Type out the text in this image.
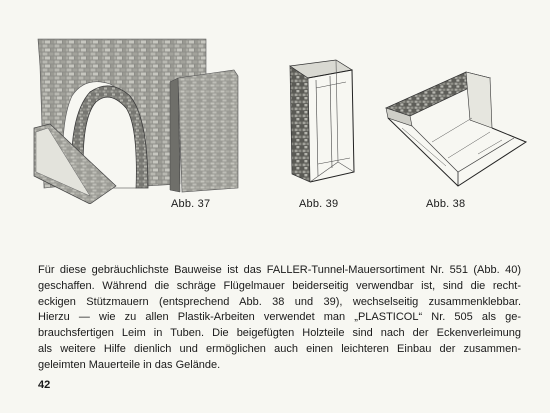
Abb. 37	Abb. 39	Abb. 38
Für diese gebräuchlichste Bauweise ist das FALLER-Tunnel-Mauersortiment Nr. 551 (Abb. 40)
geschaffen. Während die schräge Flügelmauer beiderseitig verwendbar ist, sind die recht-
eckigen Stützmauern (entsprechend Abb. 38 und 39), wechselseitig zusammenklebbar.
Hierzu — wie zu allen Plastik-Arbeiten verwendet man „PLASTICOL“ Nr. 505 als ge-
brauchsfertigen Leim in Tuben. Die beigefügten Holzteile sind nach der Eckenverleimung
als weitere Hilfe dienlich und ermöglichen auch einen leichteren Einbau der zusammen-
geleimten Mauerteile in das Gelände.
42
